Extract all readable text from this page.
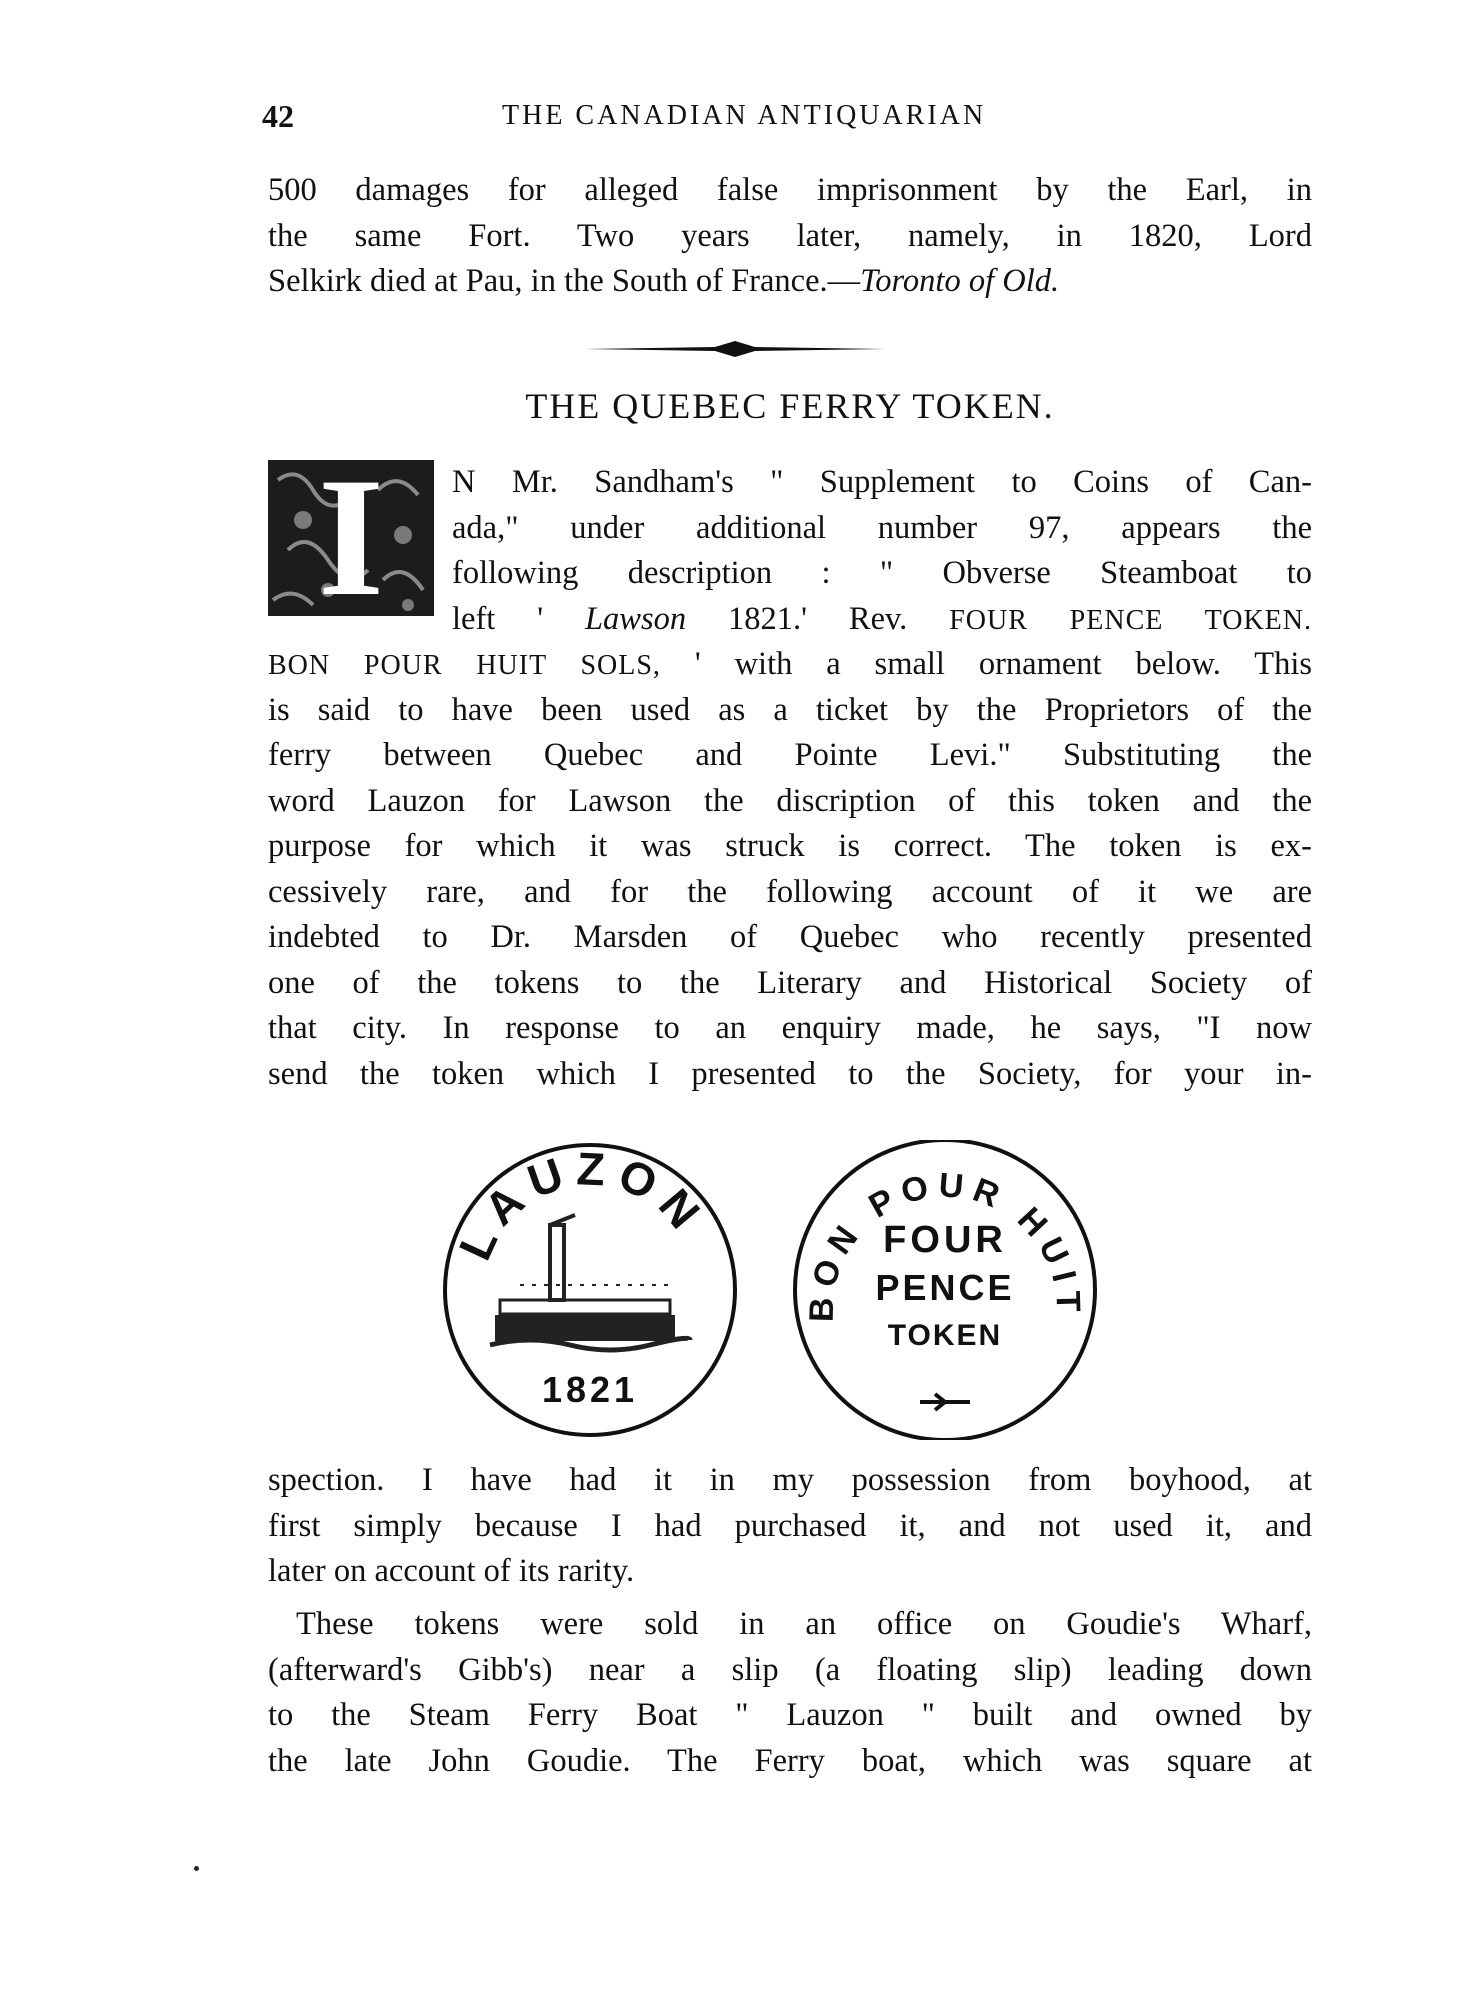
42	THE CANADIAN ANTIQUARIAN
500 damages for alleged false imprisonment by the Earl, in
the same Fort. Two years later, namely, in 1820, Lord
Selkirk died at Pau, in the South of France.—Toronto of Old.
THE QUEBEC FERRY TOKEN.
I	N Mr. Sandham's " Supplement to Coins of Can-
ada," under additional number 97, appears the
following description : " Obverse Steamboat to
left ' Lawson 1821.' Rev. FOUR PENCE TOKEN.
BON POUR HUIT SOLS, ' with a small ornament below. This
is said to have been used as a ticket by the Proprietors of the
ferry between Quebec and Pointe Levi." Substituting the
word Lauzon for Lawson the discription of this token and the
purpose for which it was struck is correct. The token is ex-
cessively rare, and for the following account of it we are
indebted to Dr. Marsden of Quebec who recently presented
one of the tokens to the Literary and Historical Society of
that city. In response to an enquiry made, he says, "I now
send the token which I presented to the Society, for your in-
LAUZON
1821
BON POUR HUIT
FOUR
PENCE
TOKEN
spection. I have had it in my possession from boyhood, at
first simply because I had purchased it, and not used it, and
later on account of its rarity.
These tokens were sold in an office on Goudie's Wharf,
(afterward's Gibb's) near a slip (a floating slip) leading down
to the Steam Ferry Boat " Lauzon " built and owned by
the late John Goudie. The Ferry boat, which was square at
